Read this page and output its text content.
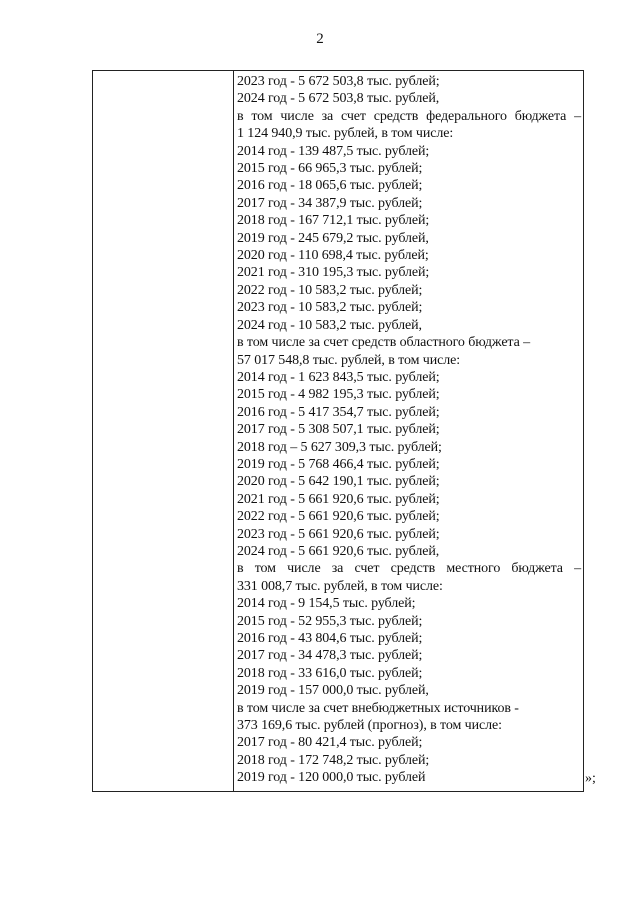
2
2023 год - 5 672 503,8 тыс. рублей;
2024 год - 5 672 503,8 тыс. рублей,
в том числе за счет средств федерального бюджета –
1 124 940,9 тыс. рублей, в том числе:
2014 год - 139 487,5 тыс. рублей;
2015 год - 66 965,3 тыс. рублей;
2016 год - 18 065,6 тыс. рублей;
2017 год - 34 387,9 тыс. рублей;
2018 год - 167 712,1 тыс. рублей;
2019 год - 245 679,2 тыс. рублей,
2020 год - 110 698,4 тыс. рублей;
2021 год - 310 195,3 тыс. рублей;
2022 год - 10 583,2 тыс. рублей;
2023 год - 10 583,2 тыс. рублей;
2024 год - 10 583,2 тыс. рублей,
в том числе за счет средств областного бюджета –
57 017 548,8 тыс. рублей, в том числе:
2014 год - 1 623 843,5 тыс. рублей;
2015 год - 4 982 195,3 тыс. рублей;
2016 год - 5 417 354,7 тыс. рублей;
2017 год - 5 308 507,1 тыс. рублей;
2018 год – 5 627 309,3 тыс. рублей;
2019 год - 5 768 466,4 тыс. рублей;
2020 год - 5 642 190,1 тыс. рублей;
2021 год - 5 661 920,6 тыс. рублей;
2022 год - 5 661 920,6 тыс. рублей;
2023 год - 5 661 920,6 тыс. рублей;
2024 год - 5 661 920,6 тыс. рублей,
в том числе за счет средств местного бюджета –
331 008,7 тыс. рублей, в том числе:
2014 год - 9 154,5 тыс. рублей;
2015 год - 52 955,3 тыс. рублей;
2016 год - 43 804,6 тыс. рублей;
2017 год - 34 478,3 тыс. рублей;
2018 год - 33 616,0 тыс. рублей;
2019 год - 157 000,0 тыс. рублей,
в том числе за счет внебюджетных источников -
373 169,6 тыс. рублей (прогноз), в том числе:
2017 год - 80 421,4 тыс. рублей;
2018 год - 172 748,2 тыс. рублей;
2019 год - 120 000,0 тыс. рублей	»;
